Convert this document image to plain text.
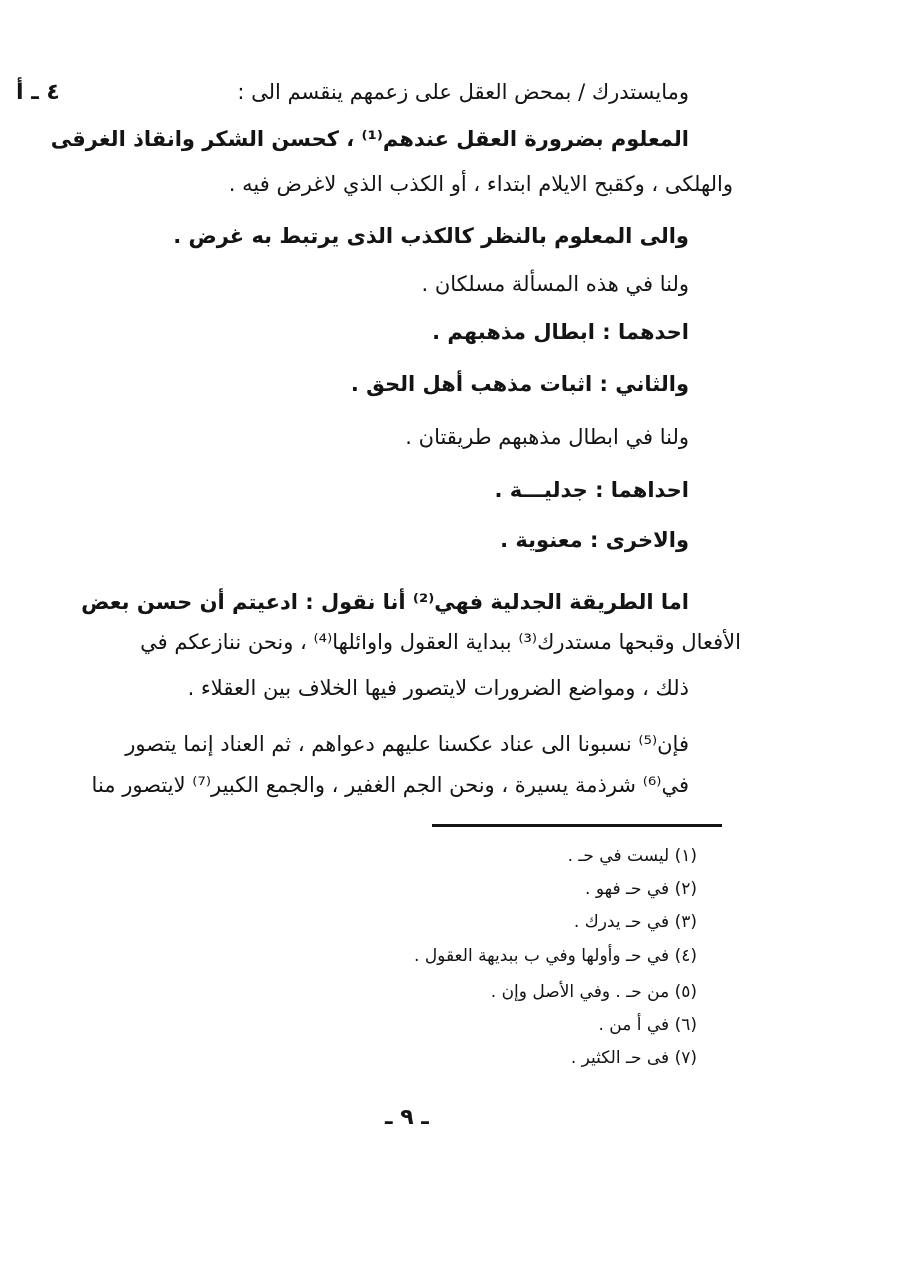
٤ ـ أ	ومايستدرك / بمحض العقل على زعمهم ينقسم الى :
المعلوم بضرورة العقل عندهم⁽¹⁾ ، كحسن الشكر وانقاذ الغرقى
والهلكى ، وكقبح الايلام ابتداء ، أو الكذب الذي لاغرض فيه .
والى المعلوم بالنظر كالكذب الذى يرتبط به غرض .
ولنا في هذه المسألة مسلكان .
احدهما : ابطال مذهبهم .
والثاني : اثبات مذهب أهل الحق .
ولنا في ابطال مذهبهم طريقتان .
احداهما : جدليـــة .
والاخرى : معنوية .
اما الطريقة الجدلية فهي⁽²⁾ أنا نقول : ادعيتم أن حسن بعض
الأفعال وقبحها مستدرك⁽³⁾ ببداية العقول واوائلها⁽⁴⁾ ، ونحن ننازعكم في
ذلك ، ومواضع الضرورات لايتصور فيها الخلاف بين العقلاء .
فإن⁽⁵⁾ نسبونا الى عناد عكسنا عليهم دعواهم ، ثم العناد إنما يتصور
في⁽⁶⁾ شرذمة يسيرة ، ونحن الجم الغفير ، والجمع الكبير⁽⁷⁾ لايتصور منا
(١) ليست في حـ .
(٢) في حـ فهو .
(٣) في حـ يدرك .
(٤) في حـ وأولها وفي ب ببديهة العقول .
(٥) من حـ . وفي الأصل وإن .
(٦) في أ من .
(٧) فى حـ الكثير .
ـ ٩ ـ
